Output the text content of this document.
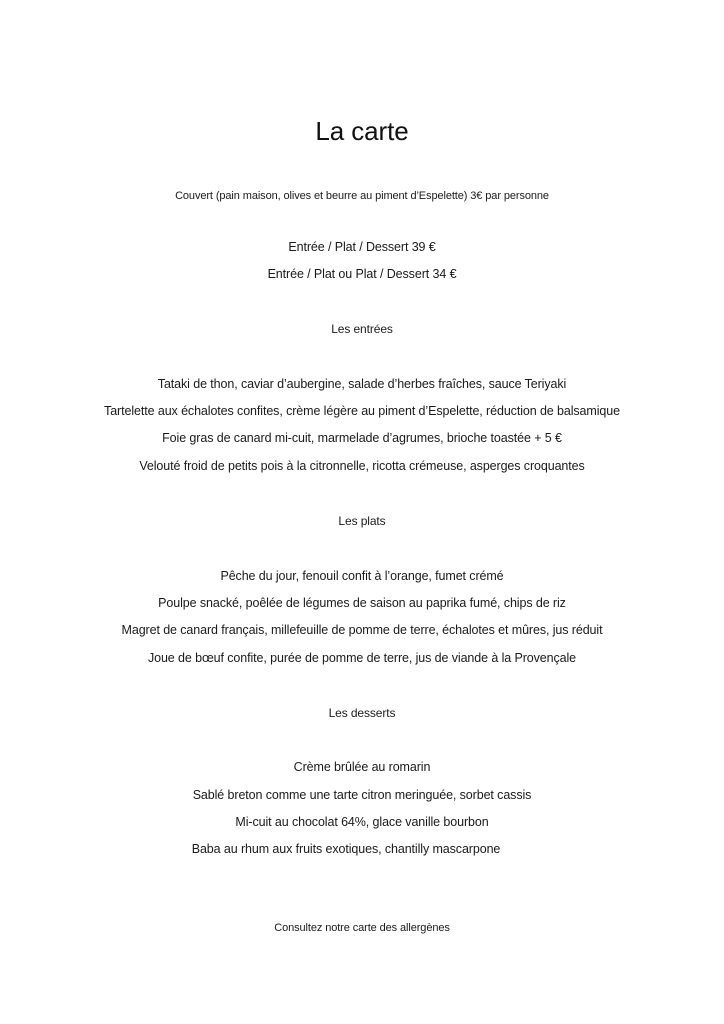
La carte
Couvert (pain maison, olives et beurre au piment d’Espelette) 3€ par personne
Entrée / Plat / Dessert 39 €
Entrée / Plat ou Plat / Dessert 34 €
Les entrées
Tataki de thon, caviar d’aubergine, salade d’herbes fraîches, sauce Teriyaki
Tartelette aux échalotes confites, crème légère au piment d’Espelette, réduction de balsamique
Foie gras de canard mi-cuit, marmelade d’agrumes, brioche toastée + 5 €
Velouté froid de petits pois à la citronnelle, ricotta crémeuse, asperges croquantes
Les plats
Pêche du jour, fenouil confit à l’orange, fumet crémé
Poulpe snacké, poêlée de légumes de saison au paprika fumé, chips de riz
Magret de canard français, millefeuille de pomme de terre, échalotes et mûres, jus réduit
Joue de bœuf confite, purée de pomme de terre, jus de viande à la Provençale
Les desserts
Crème brûlée au romarin
Sablé breton comme une tarte citron meringuée, sorbet cassis
Mi-cuit au chocolat 64%, glace vanille bourbon
Baba au rhum aux fruits exotiques, chantilly mascarpone
Consultez notre carte des allergènes
